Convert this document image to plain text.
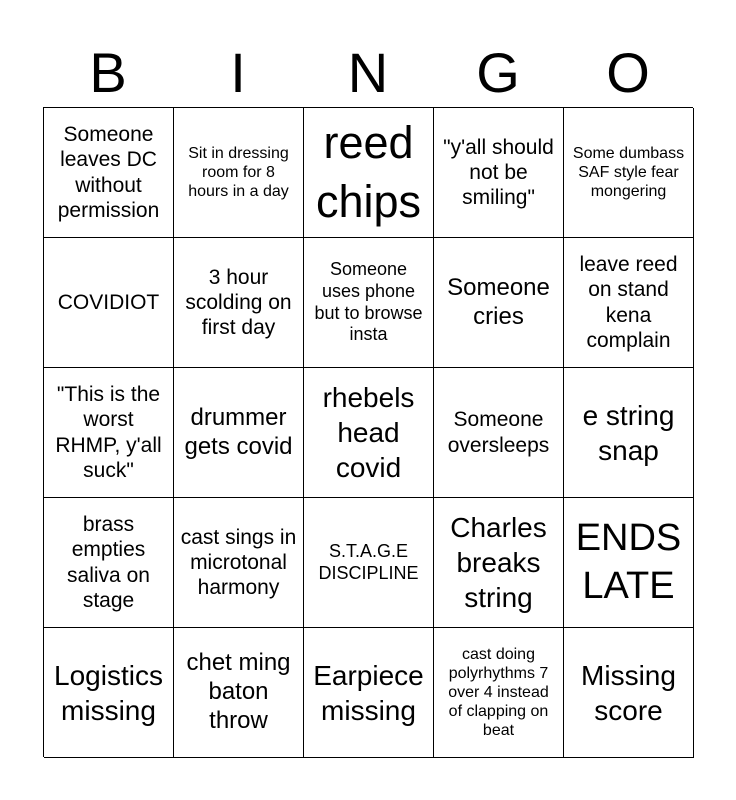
B	I	N	G	O
Someone leaves DC without permission
Sit in dressing room for 8 hours in a day
reed chips
"y'all should not be smiling"
Some dumbass SAF style fear mongering
COVIDIOT
3 hour scolding on first day
Someone uses phone but to browse insta
Someone cries
leave reed on stand kena complain
"This is the worst RHMP, y'all suck"
drummer gets covid
rhebels head covid
Someone oversleeps
e string snap
brass empties saliva on stage
cast sings in microtonal harmony
S.T.A.G.E DISCIPLINE
Charles breaks string
ENDS LATE
Logistics missing
chet ming baton throw
Earpiece missing
cast doing polyrhythms 7 over 4 instead of clapping on beat
Missing score
